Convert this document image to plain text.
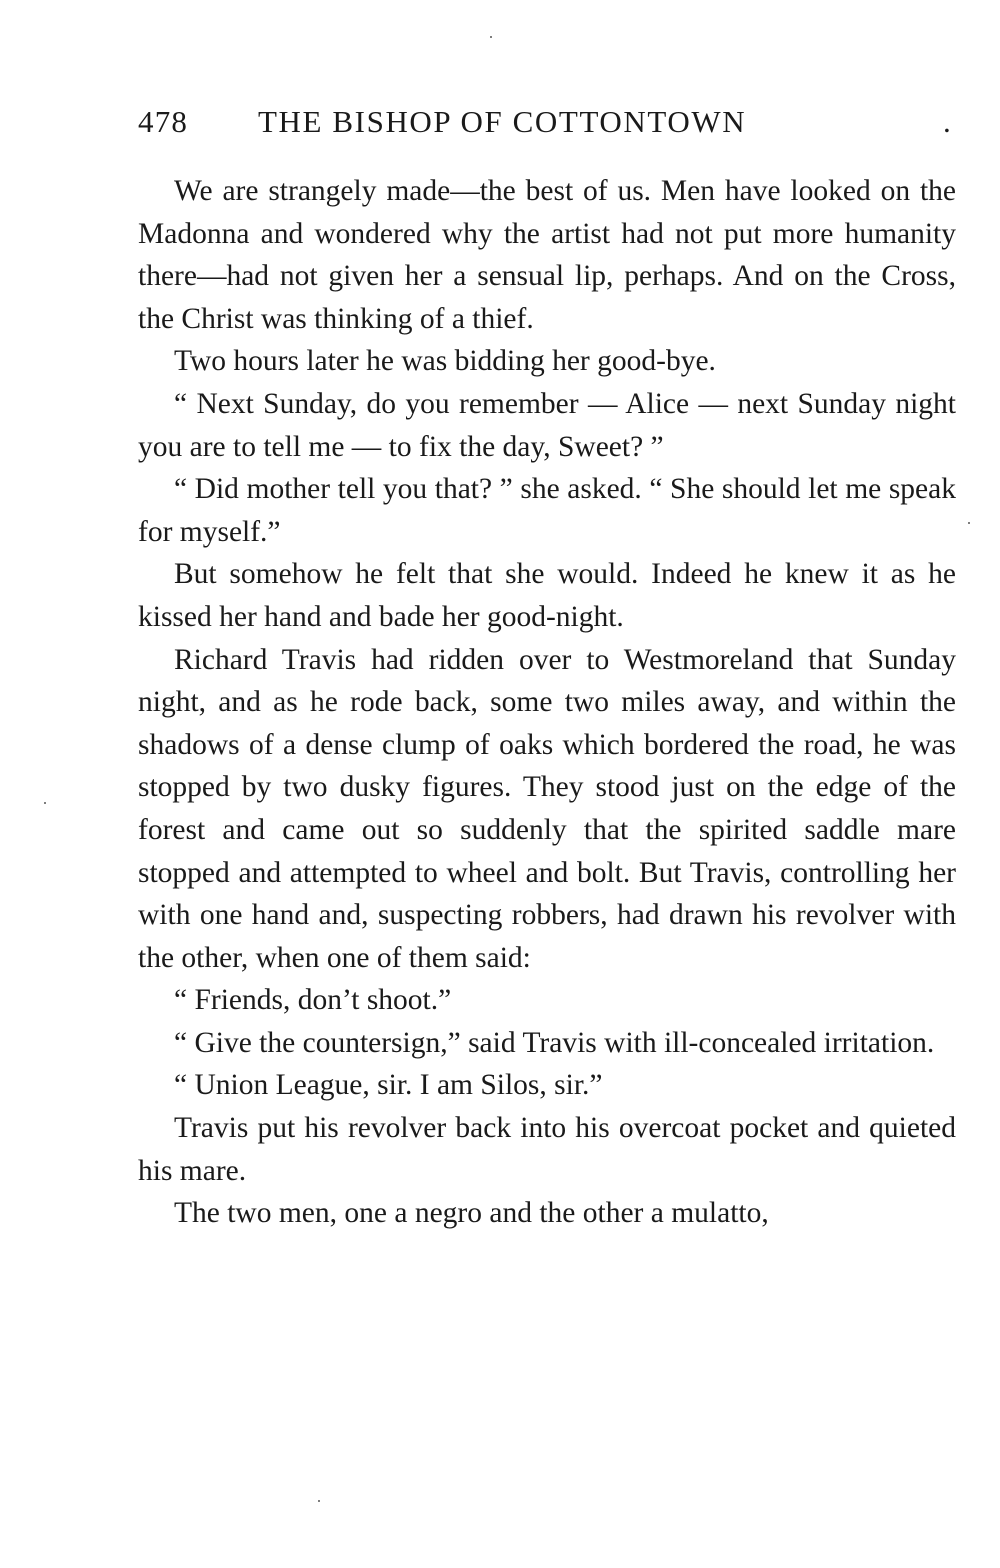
478 THE BISHOP OF COTTONTOWN	.

We are strangely made—the best of us. Men have looked on the Madonna and wondered why the artist had not put more humanity there—had not given her a sensual lip, perhaps. And on the Cross, the Christ was thinking of a thief.

Two hours later he was bidding her good-bye.

“ Next Sunday, do you remember — Alice — next Sunday night you are to tell me — to fix the day, Sweet? ”

“ Did mother tell you that? ” she asked. “ She should let me speak for myself.”

But somehow he felt that she would. Indeed he knew it as he kissed her hand and bade her good-night.

Richard Travis had ridden over to Westmoreland that Sunday night, and as he rode back, some two miles away, and within the shadows of a dense clump of oaks which bordered the road, he was stopped by two dusky figures. They stood just on the edge of the forest and came out so suddenly that the spirited saddle mare stopped and attempted to wheel and bolt. But Travis, controlling her with one hand and, suspecting robbers, had drawn his revolver with the other, when one of them said:

“ Friends, don’t shoot.”

“ Give the countersign,” said Travis with ill-concealed irritation.

“ Union League, sir. I am Silos, sir.”

Travis put his revolver back into his overcoat pocket and quieted his mare.

The two men, one a negro and the other a mulatto,
